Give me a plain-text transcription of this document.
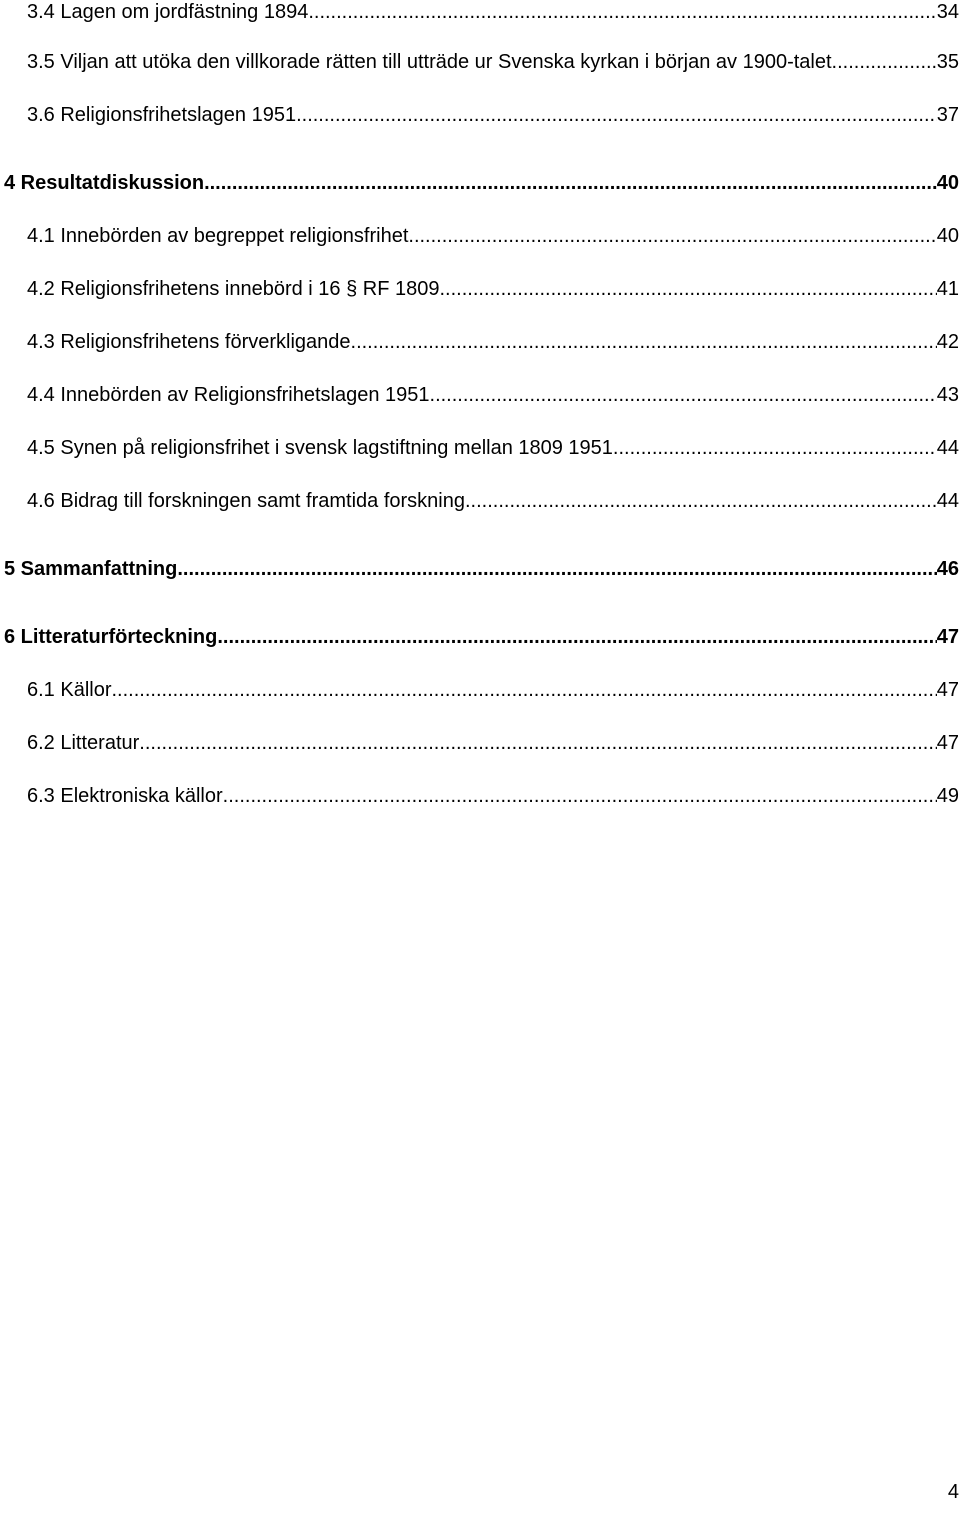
3.4 Lagen om jordfästning 1894 .....	34
3.5 Viljan att utöka den villkorade rätten till utträde ur Svenska kyrkan i början av 1900-talet .....	35
3.6 Religionsfrihetslagen 1951 .....	37
4 Resultatdiskussion .....	40
4.1 Innebörden av begreppet religionsfrihet .....	40
4.2 Religionsfrihetens innebörd i 16 § RF 1809 .....	41
4.3 Religionsfrihetens förverkligande .....	42
4.4 Innebörden av Religionsfrihetslagen 1951 .....	43
4.5 Synen på religionsfrihet i svensk lagstiftning mellan 1809 1951 .....	44
4.6 Bidrag till forskningen samt framtida forskning .....	44
5 Sammanfattning .....	46
6 Litteraturförteckning .....	47
6.1 Källor .....	47
6.2 Litteratur .....	47
6.3 Elektroniska källor .....	49
4
